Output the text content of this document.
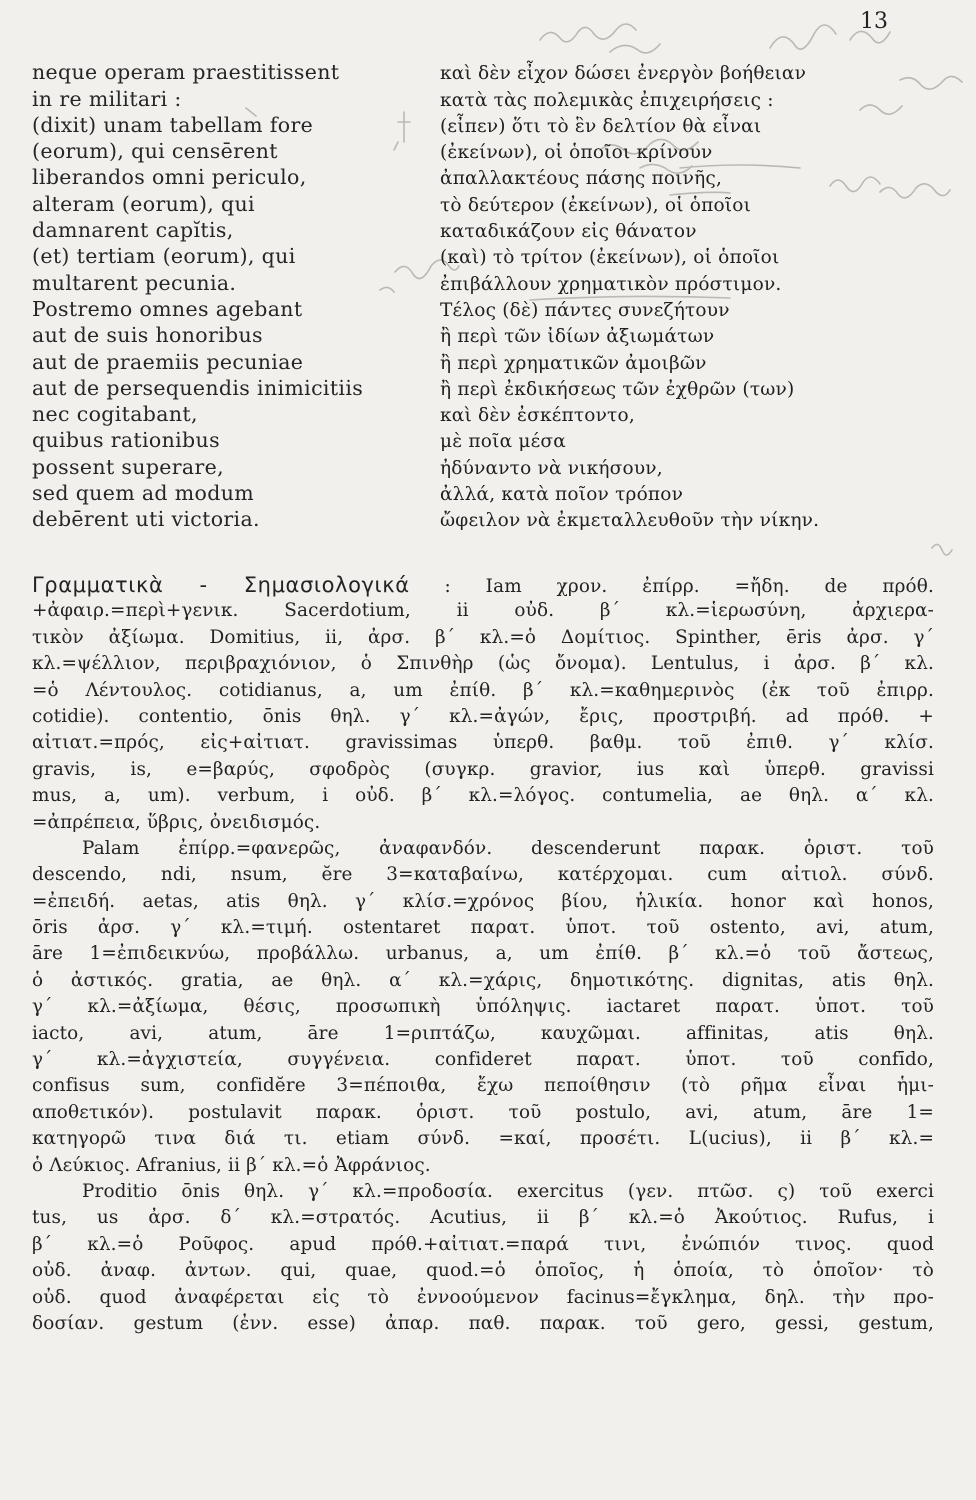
13
neque operam praestitissent	καὶ δὲν εἶχον δώσει ἐνεργὸν βοήθειαν
in re militari :	κατὰ τὰς πολεμικὰς ἐπιχειρήσεις :
(dixit) unam tabellam fore	(εἶπεν) ὅτι τὸ ἓν δελτίον θὰ εἶναι
(eorum), qui censērent	(ἐκείνων), οἱ ὁποῖοι κρίνουν
liberandos omni periculo,	ἀπαλλακτέους πάσης ποινῆς,
alteram (eorum), qui	τὸ δεύτερον (ἐκείνων), οἱ ὁποῖοι
damnarent capĭtis,	καταδικάζουν εἰς θάνατον
(et) tertiam (eorum), qui	(καὶ) τὸ τρίτον (ἐκείνων), οἱ ὁποῖοι
multarent pecunia.	ἐπιβάλλουν χρηματικὸν πρόστιμον.
Postremo omnes agebant	Τέλος (δὲ) πάντες συνεζήτουν
aut de suis honoribus	ἢ περὶ τῶν ἰδίων ἀξιωμάτων
aut de praemiis pecuniae	ἢ περὶ χρηματικῶν ἀμοιβῶν
aut de persequendis inimicitiis	ἢ περὶ ἐκδικήσεως τῶν ἐχθρῶν (των)
nec cogitabant,	καὶ δὲν ἐσκέπτοντο,
quibus rationibus	μὲ ποῖα μέσα
possent superare,	ἠδύναντο νὰ νικήσουν,
sed quem ad modum	ἀλλά, κατὰ ποῖον τρόπον
debērent uti victoria.	ὤφειλον νὰ ἐκμεταλλευθοῦν τὴν νίκην.
Γραμματικὰ - Σημασιολογικά : Iam χρον. ἐπίρρ. =ἤδη. de πρόθ.
+ἀφαιρ.=περὶ+γενικ. Sacerdotium, ii οὐδ. β΄ κλ.=ἱερωσύνη, ἀρχιερα-
τικὸν ἀξίωμα. Domitius, ii, ἀρσ. β΄ κλ.=ὁ Δομίτιος. Spinther, ēris ἀρσ. γ΄
κλ.=ψέλλιον, περιβραχιόνιον, ὁ Σπινθὴρ (ὡς ὄνομα). Lentulus, i ἀρσ. β΄ κλ.
=ὁ Λέντουλος. cotidianus, a, um ἐπίθ. β΄ κλ.=καθημερινὸς (ἐκ τοῦ ἐπιρρ.
cotidie). contentio, ōnis θηλ. γ΄ κλ.=ἀγών, ἔρις, προστριβή. ad πρόθ. +
αἰτιατ.=πρός, εἰς+αἰτιατ. gravissimas ὑπερθ. βαθμ. τοῦ ἐπιθ. γ΄ κλίσ.
gravis, is, e=βαρύς, σφοδρὸς (συγκρ. gravior, ius καὶ ὑπερθ. gravissi
mus, a, um). verbum, i οὐδ. β΄ κλ.=λόγος. contumelia, ae θηλ. α΄ κλ.
=ἀπρέπεια, ὕβρις, ὀνειδισμός.
Palam ἐπίρρ.=φανερῶς, ἀναφανδόν. descenderunt παρακ. ὁριστ. τοῦ
descendo, ndi, nsum, ĕre 3=καταβαίνω, κατέρχομαι. cum αἰτιολ. σύνδ.
=ἐπειδή. aetas, atis θηλ. γ΄ κλίσ.=χρόνος βίου, ἡλικία. honor καὶ honos,
ōris ἀρσ. γ΄ κλ.=τιμή. ostentaret παρατ. ὑποτ. τοῦ ostento, avi, atum,
āre 1=ἐπιδεικνύω, προβάλλω. urbanus, a, um ἐπίθ. β΄ κλ.=ὁ τοῦ ἄστεως,
ὁ ἀστικός. gratia, ae θηλ. α΄ κλ.=χάρις, δημοτικότης. dignitas, atis θηλ.
γ΄ κλ.=ἀξίωμα, θέσις, προσωπικὴ ὑπόληψις. iactaret παρατ. ὑποτ. τοῦ
iacto, avi, atum, āre 1=ριπτάζω, καυχῶμαι. affinitas, atis θηλ.
γ΄ κλ.=ἀγχιστεία, συγγένεια. confideret παρατ. ὑποτ. τοῦ confīdo,
confisus sum, confidĕre 3=πέποιθα, ἔχω πεποίθησιν (τὸ ρῆμα εἶναι ἡμι-
αποθετικόν). postulavit παρακ. ὁριστ. τοῦ postulo, avi, atum, āre 1=
κατηγορῶ τινα διά τι. etiam σύνδ. =καί, προσέτι. L(ucius), ii β΄ κλ.=
ὁ Λεύκιος. Afranius, ii β΄ κλ.=ὁ Ἀφράνιος.
Proditio ōnis θηλ. γ΄ κλ.=προδοσία. exercitus (γεν. πτῶσ. ς) τοῦ exerci
tus, us ἀρσ. δ΄ κλ.=στρατός. Acutius, ii β΄ κλ.=ὁ Ἀκούτιος. Rufus, i
β΄ κλ.=ὁ Ροῦφος. apud πρόθ.+αἰτιατ.=παρά τινι, ἐνώπιόν τινος. quod
οὐδ. ἀναφ. ἀντων. qui, quae, quod.=ὁ ὁποῖος, ἡ ὁποία, τὸ ὁποῖον· τὸ
οὐδ. quod ἀναφέρεται εἰς τὸ ἐννοούμενον facinus=ἔγκλημα, δηλ. τὴν προ-
δοσίαν. gestum (ἐνν. esse) ἀπαρ. παθ. παρακ. τοῦ gero, gessi, gestum,
